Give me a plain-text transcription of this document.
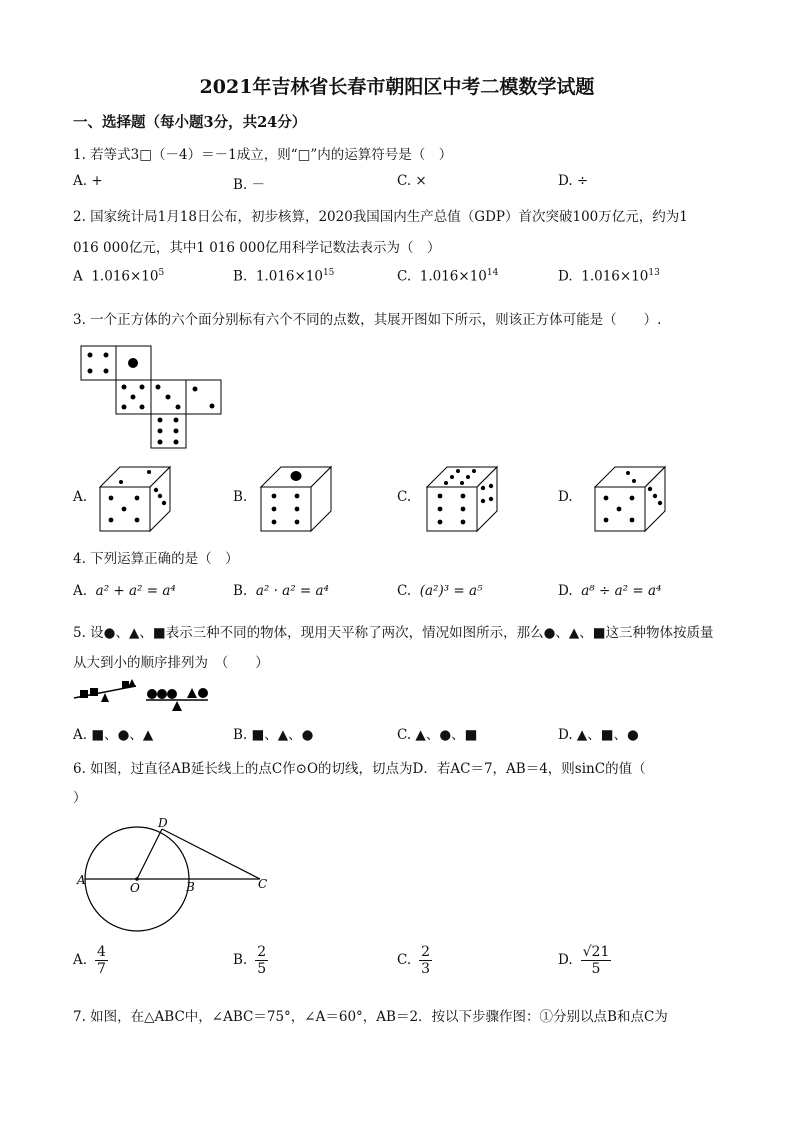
2021年吉林省长春市朝阳区中考二模数学试题
一、选择题（每小题3分，共24分）
1. 若等式3□（－4）＝－1成立，则“□”内的运算符号是（　）
A. +	B. －	C. ×	D. ÷
2. 国家统计局1月18日公布，初步核算，2020我国国内生产总值（GDP）首次突破100万亿元，约为1
016 000亿元，其中1 016 000亿用科学记数法表示为（　）
A $1.016\times 10^5$	B. $1.016\times 10^{15}$	C. $1.016\times 10^{14}$	D. $1.016\times 10^{13}$
3. 一个正方体的六个面分别标有六个不同的点数，其展开图如下所示，则该正方体可能是（　　）.
A.	B.	C.	D.
4. 下列运算正确的是（　）
A. a² + a² = a⁴	B. a² · a² = a⁴	C. (a²)³ = a⁵	D. a⁸ ÷ a² = a⁴
5. 设●、▲、■表示三种不同的物体，现用天平称了两次，情况如图所示，那么●、▲、■这三种物体按质量
从大到小的顺序排列为　（　　）
A. ■、●、▲	B. ■、▲、●	C. ▲、●、■	D. ▲、■、●
6. 如图，过直径AB延长线上的点C作⊙O的切线，切点为D．若AC＝7，AB＝4，则sinC的值（
）
D
A
O	B	C
A. $\frac{4}{7}$	B. $\frac{2}{5}$	C. $\frac{2}{3}$	D. $\frac{√21}{5}$
7. 如图，在△ABC中，∠ABC＝75°，∠A＝60°，AB＝2．按以下步骤作图：①分别以点B和点C为
